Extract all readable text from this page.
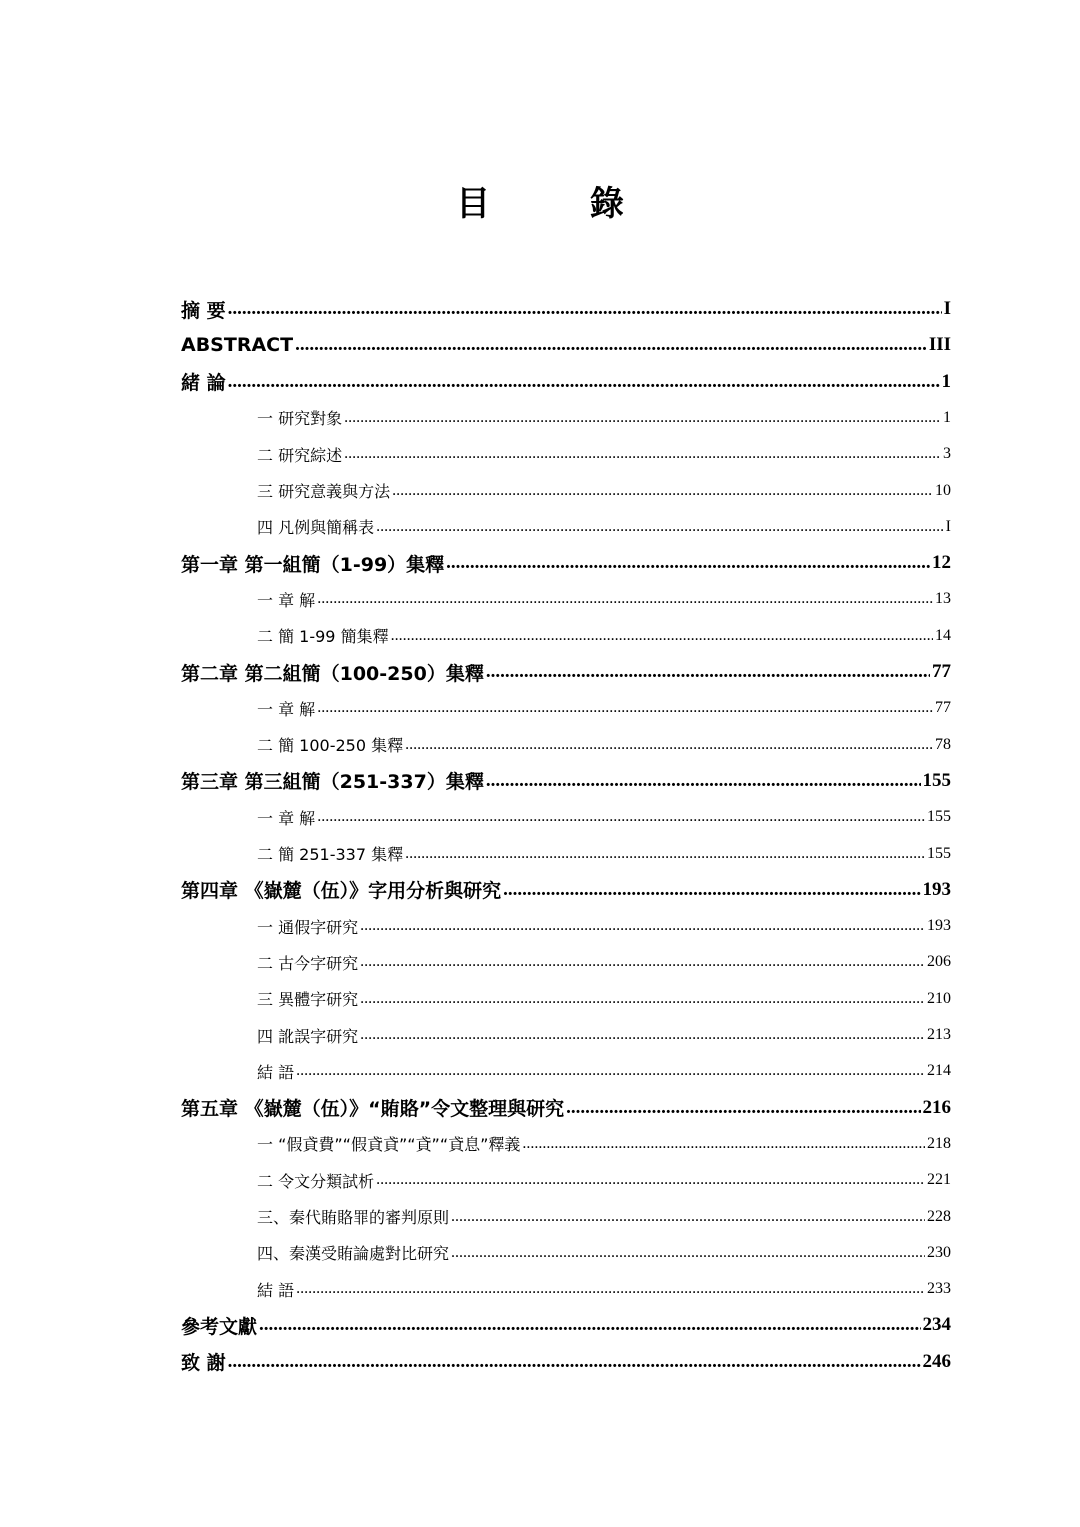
目 錄
摘 要 .....	I
ABSTRACT .....	III
緒 論 .....	1
一 研究對象 .....	1
二 研究綜述 .....	3
三 研究意義與方法 .....	10
四 凡例與簡稱表 .....	I
第一章 第一組簡（1-99）集釋 .....	12
一 章 解 .....	13
二 簡 1-99 簡集釋 .....	14
第二章 第二組簡（100-250）集釋 .....	77
一 章 解 .....	77
二 簡 100-250 集釋 .....	78
第三章 第三組簡（251-337）集釋 .....	155
一 章 解 .....	155
二 簡 251-337 集釋 .....	155
第四章 《嶽麓（伍）》字用分析與研究 .....	193
一 通假字研究 .....	193
二 古今字研究 .....	206
三 異體字研究 .....	210
四 訛誤字研究 .....	213
結 語 .....	214
第五章 《嶽麓（伍）》“賄賂”令文整理與研究 .....	216
一 “假貣費”“假貣貣”“貣”“貣息”釋義 .....	218
二 令文分類試析 .....	221
三、秦代賄賂罪的審判原則 .....	228
四、秦漢受賄論處對比研究 .....	230
結 語 .....	233
參考文獻 .....	234
致 謝 .....	246
